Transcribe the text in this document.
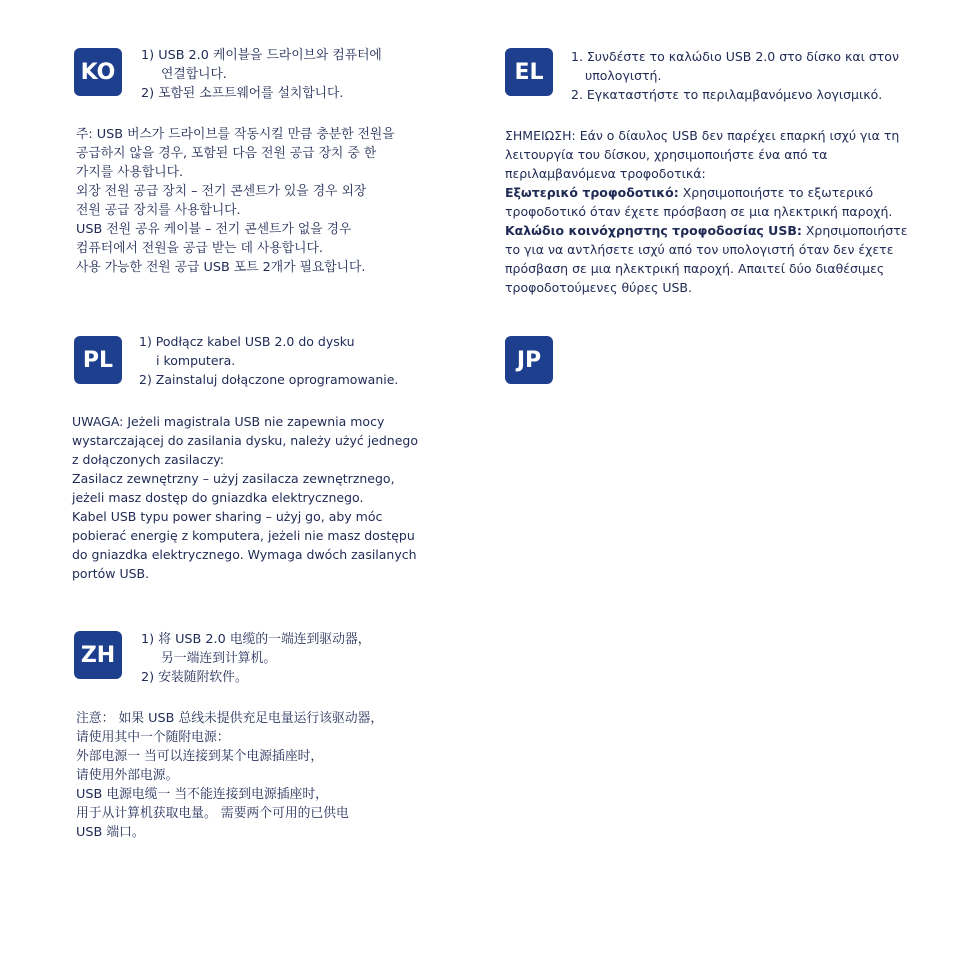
KO
1) USB 2.0 케이블을 드라이브와 컴퓨터에
연결합니다.
2) 포함된 소프트웨어를 설치합니다.
주: USB 버스가 드라이브를 작동시킬 만큼 충분한 전원을
공급하지 않을 경우, 포함된 다음 전원 공급 장치 중 한
가지를 사용합니다.
외장 전원 공급 장치 – 전기 콘센트가 있을 경우 외장
전원 공급 장치를 사용합니다.
USB 전원 공유 케이블 – 전기 콘센트가 없을 경우
컴퓨터에서 전원을 공급 받는 데 사용합니다.
사용 가능한 전원 공급 USB 포트 2개가 필요합니다.
EL
1. Συνδέστε το καλώδιο USB 2.0 στο δίσκο και στον
υπολογιστή.
2. Εγκαταστήστε το περιλαμβανόμενο λογισμικό.
ΣΗΜΕΙΩΣΗ: Εάν ο δίαυλος USB δεν παρέχει επαρκή ισχύ για τη
λειτουργία του δίσκου, χρησιμοποιήστε ένα από τα
περιλαμβανόμενα τροφοδοτικά:
Εξωτερικό τροφοδοτικό: Χρησιμοποιήστε το εξωτερικό
τροφοδοτικό όταν έχετε πρόσβαση σε μια ηλεκτρική παροχή.
Καλώδιο κοινόχρηστης τροφοδοσίας USB: Χρησιμοποιήστε
το για να αντλήσετε ισχύ από τον υπολογιστή όταν δεν έχετε
πρόσβαση σε μια ηλεκτρική παροχή. Απαιτεί δύο διαθέσιμες
τροφοδοτούμενες θύρες USB.
PL
1) Podłącz kabel USB 2.0 do dysku
i komputera.
2) Zainstaluj dołączone oprogramowanie.
UWAGA: Jeżeli magistrala USB nie zapewnia mocy
wystarczającej do zasilania dysku, należy użyć jednego
z dołączonych zasilaczy:
Zasilacz zewnętrzny – użyj zasilacza zewnętrznego,
jeżeli masz dostęp do gniazdka elektrycznego.
Kabel USB typu power sharing – użyj go, aby móc
pobierać energię z komputera, jeżeli nie masz dostępu
do gniazdka elektrycznego. Wymaga dwóch zasilanych
portów USB.
JP
ZH
1) 将 USB 2.0 电缆的一端连到驱动器，
另一端连到计算机。
2) 安装随附软件。
注意： 如果 USB 总线未提供充足电量运行该驱动器，
请使用其中一个随附电源：
外部电源一 当可以连接到某个电源插座时，
请使用外部电源。
USB 电源电缆一 当不能连接到电源插座时，
用于从计算机获取电量。 需要两个可用的已供电
USB 端口。
